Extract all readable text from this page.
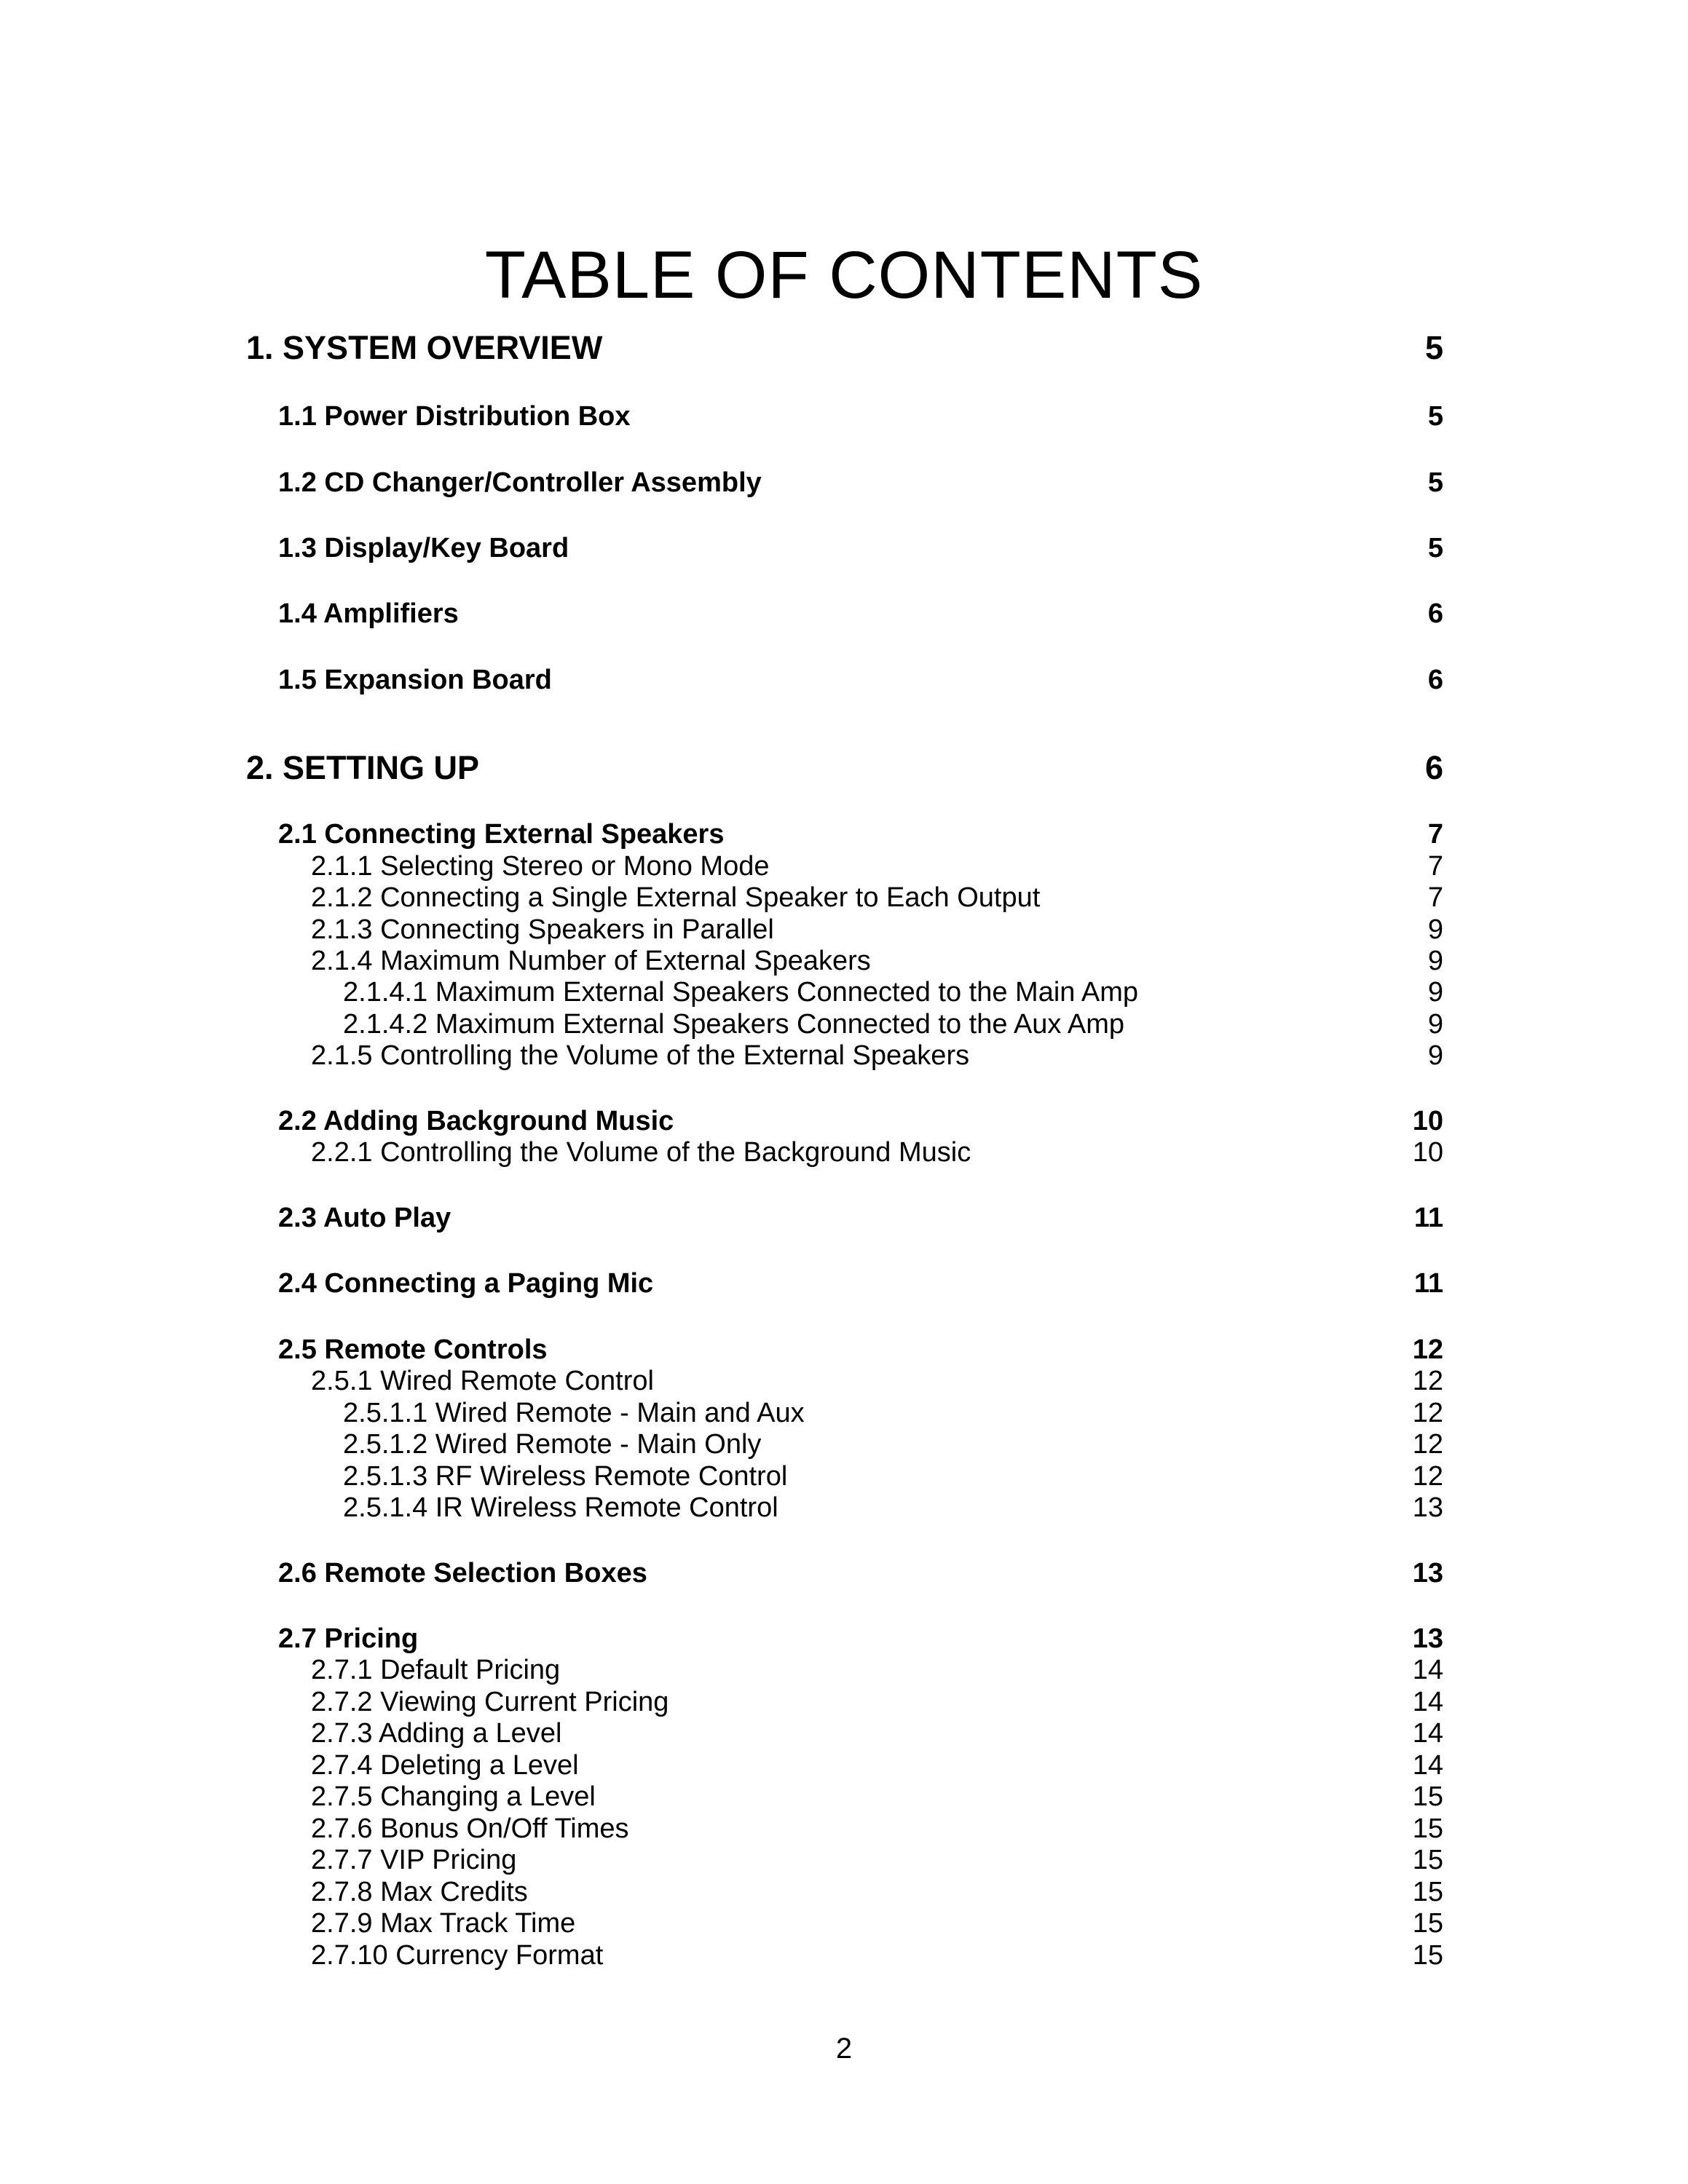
TABLE OF CONTENTS
1. SYSTEM OVERVIEW	5
1.1 Power Distribution Box	5
1.2 CD Changer/Controller Assembly	5
1.3 Display/Key Board	5
1.4 Amplifiers	6
1.5 Expansion Board	6
2. SETTING UP	6
2.1 Connecting External Speakers	7
2.1.1 Selecting Stereo or Mono Mode	7
2.1.2 Connecting a Single External Speaker to Each Output	7
2.1.3 Connecting Speakers in Parallel	9
2.1.4 Maximum Number of External Speakers	9
2.1.4.1 Maximum External Speakers Connected to the Main Amp	9
2.1.4.2 Maximum External Speakers Connected to the Aux Amp	9
2.1.5 Controlling the Volume of the External Speakers	9
2.2 Adding Background Music	10
2.2.1 Controlling the Volume of the Background Music	10
2.3 Auto Play	11
2.4 Connecting a Paging Mic	11
2.5 Remote Controls	12
2.5.1 Wired Remote Control	12
2.5.1.1 Wired Remote - Main and Aux	12
2.5.1.2 Wired Remote - Main Only	12
2.5.1.3 RF Wireless Remote Control	12
2.5.1.4 IR Wireless Remote Control	13
2.6 Remote Selection Boxes	13
2.7 Pricing	13
2.7.1 Default Pricing	14
2.7.2 Viewing Current Pricing	14
2.7.3 Adding a Level	14
2.7.4 Deleting a Level	14
2.7.5 Changing a Level	15
2.7.6 Bonus On/Off Times	15
2.7.7 VIP Pricing	15
2.7.8 Max Credits	15
2.7.9 Max Track Time	15
2.7.10 Currency Format	15
2
